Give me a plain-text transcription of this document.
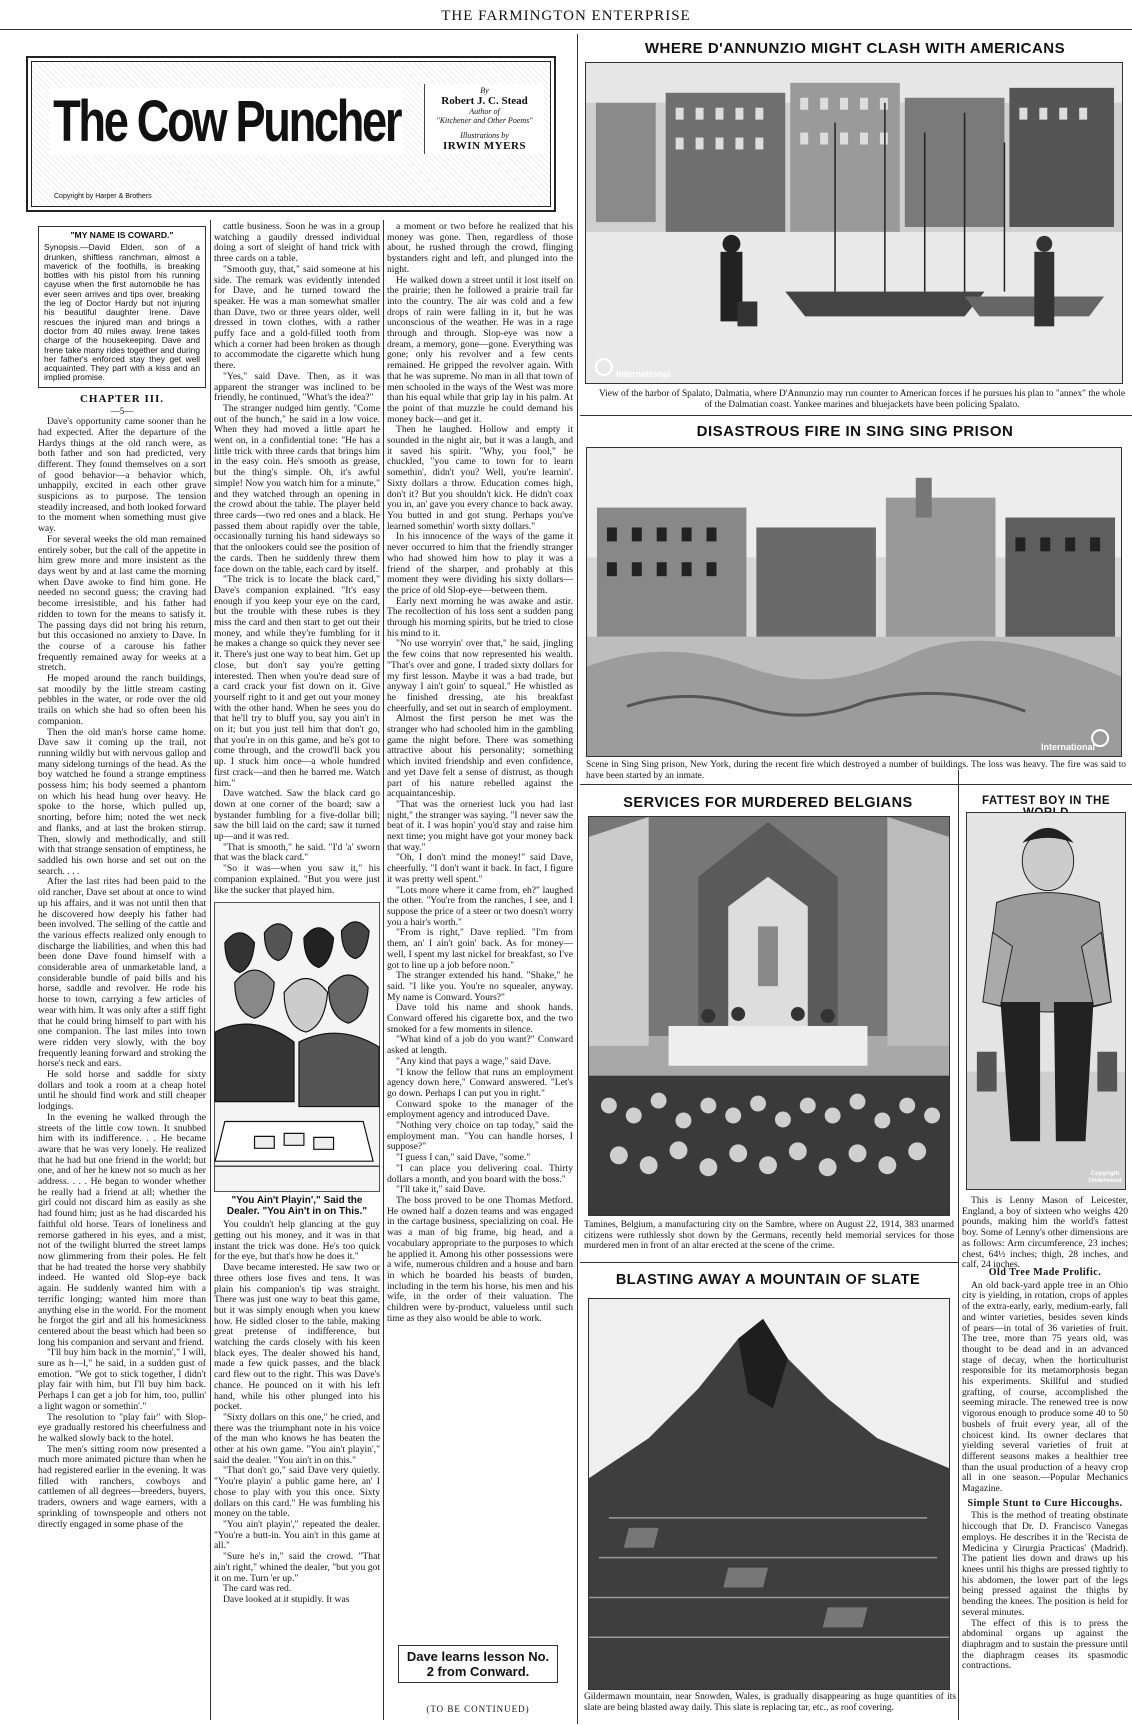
THE FARMINGTON ENTERPRISE
The Cow Puncher
Copyright by Harper & Brothers
By
Robert J. C. Stead
Author of
"Kitchener and Other Poems"
Illustrations by
IRWIN MYERS
"MY NAME IS COWARD."
Synopsis.—David Elden, son of a drunken, shiftless ranchman, almost a maverick of the foothills, is breaking bottles with his pistol from his running cayuse when the first automobile he has ever seen arrives and tips over, breaking the leg of Doctor Hardy but not injuring his beautiful daughter Irene. Dave rescues the injured man and brings a doctor from 40 miles away. Irene takes charge of the housekeeping. Dave and Irene take many rides together and during her father's enforced stay they get well acquainted. They part with a kiss and an implied promise.
CHAPTER III.
—5—

Dave's opportunity came sooner than he had expected. After the departure of the Hardys things at the old ranch were, as both father and son had predicted, very different. They found themselves on a sort of good behavior—a behavior which, unhappily, excited in each other grave suspicions as to purpose. The tension steadily increased, and both looked forward to the moment when something must give way.

For several weeks the old man remained entirely sober, but the call of the appetite in him grew more and more insistent as the days went by and at last came the morning when Dave awoke to find him gone. He needed no second guess; the craving had become irresistible, and his father had ridden to town for the means to satisfy it. The passing days did not bring his return, but this occasioned no anxiety to Dave. In the course of a carouse his father frequently remained away for weeks at a stretch.

He moped around the ranch buildings, sat moodily by the little stream casting pebbles in the water, or rode over the old trails on which she had so often been his companion.

Then the old man's horse came home. Dave saw it coming up the trail, not running wildly but with nervous gallop and many sidelong turnings of the head. As the boy watched he found a strange emptiness possess him; his body seemed a phantom on which his head hung over heavy. He spoke to the horse, which pulled up, snorting, before him; noted the wet neck and flanks, and at last the broken stirrup. Then, slowly and methodically, and still with that strange sensation of emptiness, he saddled his own horse and set out on the search. . . .

After the last rites had been paid to the old rancher, Dave set about at once to wind up his affairs, and it was not until then that he discovered how deeply his father had been involved. The selling of the cattle and the various effects realized only enough to discharge the liabilities, and when this had been done Dave found himself with a considerable area of unmarketable land, a considerable bundle of paid bills and his horse, saddle and revolver. He rode his horse to town, carrying a few articles of wear with him. It was only after a stiff fight that he could bring himself to part with his one companion. The last miles into town were ridden very slowly, with the boy frequently leaning forward and stroking the horse's neck and ears.

He sold horse and saddle for sixty dollars and took a room at a cheap hotel until he should find work and still cheaper lodgings.

In the evening he walked through the streets of the little cow town. It snubbed him with its indifference. . . He became aware that he was very lonely. He realized that he had but one friend in the world; but one, and of her he knew not so much as her address. . . . He began to wonder whether he really had a friend at all; whether the girl could not discard him as easily as she had found him; just as he had discarded his faithful old horse. Tears of loneliness and remorse gathered in his eyes, and a mist, not of the twilight blurred the street lamps now glimmering from their poles. He felt that he had treated the horse very shabbily indeed. He wanted old Slop-eye back again. He suddenly wanted him with a terrific longing; wanted him more than anything else in the world. For the moment he forgot the girl and all his homesickness centered about the beast which had been so long his companion and servant and friend.

"I'll buy him back in the mornin'," I will, sure as h—l," he said, in a sudden gust of emotion. "We got to stick together, I didn't play fair with him, but I'll buy him back. Perhaps I can get a job for him, too, pullin' a light wagon or somethin'."

The resolution to "play fair" with Slop-eye gradually restored his cheerfulness and he walked slowly back to the hotel.

The men's sitting room now presented a much more animated picture than when he had registered earlier in the evening. It was filled with ranchers, cowboys and cattlemen of all degrees—breeders, buyers, traders, owners and wage earners, with a sprinkling of townspeople and others not directly engaged in some phase of the

cattle business. Soon he was in a group watching a gaudily dressed individual doing a sort of sleight of hand trick with three cards on a table.

"Smooth guy, that," said someone at his side. The remark was evidently intended for Dave, and he turned toward the speaker. He was a man somewhat smaller than Dave, two or three years older, well dressed in town clothes, with a rather puffy face and a gold-filled tooth from which a corner had been broken as though to accommodate the cigarette which hung there.

"Yes," said Dave. Then, as it was apparent the stranger was inclined to be friendly, he continued, "What's the idea?"

The stranger nudged him gently. "Come out of the bunch," he said in a low voice. When they had moved a little apart he went on, in a confidential tone: "He has a little trick with three cards that brings him in the easy coin. He's smooth as grease, but the thing's simple. Oh, it's awful simple! Now you watch him for a minute," and they watched through an opening in the crowd about the table. The player held three cards—two red ones and a black. He passed them about rapidly over the table, occasionally turning his hand sideways so that the onlookers could see the position of the cards. Then he suddenly threw them face down on the table, each card by itself.

"The trick is to locate the black card," Dave's companion explained. "It's easy enough if you keep your eye on the card, but the trouble with these rubes is they miss the card and then start to get out their money, and while they're fumbling for it he makes a change so quick they never see it. There's just one way to beat him. Get up close, but don't say you're getting interested. Then when you're dead sure of a card crack your fist down on it. Give yourself right to it and get out your money with the other hand. When he sees you do that he'll try to bluff you, say you ain't in on it; but you just tell him that don't go, that you're in on this game, and he's got to come through, and the crowd'll back you up. I stuck him once—a whole hundred first crack—and then he barred me. Watch him."

Dave watched. Saw the black card go down at one corner of the board; saw a bystander fumbling for a five-dollar bill; saw the bill laid on the card; saw it turned up—and it was red.

"That is smooth," he said. "I'd 'a' sworn that was the black card."

"So it was—when you saw it," his companion explained. "But you were just like the sucker that played him.

"You Ain't Playin'," Said the Dealer. "You Ain't in on This."

You couldn't help glancing at the guy getting out his money, and it was in that instant the trick was done. He's too quick for the eye, but that's how he does it."

Dave became interested. He saw two or three others lose fives and tens. It was plain his companion's tip was straight. There was just one way to beat this game, but it was simply enough when you knew how. He sidled closer to the table, making great pretense of indifference, but watching the cards closely with his keen black eyes. The dealer showed his hand, made a few quick passes, and the black card flew out to the right. This was Dave's chance. He pounced on it with his left hand, while his other plunged into his pocket.

"Sixty dollars on this one," he cried, and there was the triumphant note in his voice of the man who knows he has beaten the other at his own game. "You ain't playin'," said the dealer. "You ain't in on this."

"That don't go," said Dave very quietly. "You're playin' a public game here, an' I chose to play with you this once. Sixty dollars on this card." He was fumbling his money on the table.

"You ain't playin'," repeated the dealer. "You're a butt-in. You ain't in this game at all."

"Sure he's in," said the crowd. "That ain't right," whined the dealer, "but you got it on me. Turn 'er up."

The card was red.

Dave looked at it stupidly. It was

a moment or two before he realized that his money was gone. Then, regardless of those about, he rushed through the crowd, flinging bystanders right and left, and plunged into the night.

He walked down a street until it lost itself on the prairie; then he followed a prairie trail far into the country. The air was cold and a few drops of rain were falling in it, but he was unconscious of the weather. He was in a rage through and through. Slop-eye was now a dream, a memory, gone—gone. Everything was gone; only his revolver and a few cents remained. He gripped the revolver again. With that he was supreme. No man in all that town of men schooled in the ways of the West was more than his equal while that grip lay in his palm. At the point of that muzzle he could demand his money back—and get it.

Then he laughed. Hollow and empty it sounded in the night air, but it was a laugh, and it saved his spirit. "Why, you fool," he chuckled, "you came to town for to learn somethin', didn't you? Well, you're learnin'. Sixty dollars a throw. Education comes high, don't it? But you shouldn't kick. He didn't coax you in, an' gave you every chance to back away. You butted in and got stung. Perhaps you've learned somethin' worth sixty dollars."

In his innocence of the ways of the game it never occurred to him that the friendly stranger who had showed him how to play it was a friend of the sharper, and probably at this moment they were dividing his sixty dollars—the price of old Slop-eye—between them.

Early next morning he was awake and astir. The recollection of his loss sent a sudden pang through his morning spirits, but he tried to close his mind to it.

"No use worryin' over that," he said, jingling the few coins that now represented his wealth. "That's over and gone. I traded sixty dollars for my first lesson. Maybe it was a bad trade, but anyway I ain't goin' to squeal." He whistled as he finished dressing, ate his breakfast cheerfully, and set out in search of employment.

Almost the first person he met was the stranger who had schooled him in the gambling game the night before. There was something attractive about his personality; something which invited friendship and even confidence, and yet Dave felt a sense of distrust, as though part of his nature rebelled against the acquaintanceship.

"That was the orneriest luck you had last night," the stranger was saying. "I never saw the beat of it. I was hopin' you'd stay and raise him next time; you might have got your money back that way."

"Oh, I don't mind the money!" said Dave, cheerfully. "I don't want it back. In fact, I figure it was pretty well spent."

"Lots more where it came from, eh?" laughed the other. "You're from the ranches, I see, and I suppose the price of a steer or two doesn't worry you a hair's worth."

"From is right," Dave replied. "I'm from them, an' I ain't goin' back. As for money—well, I spent my last nickel for breakfast, so I've got to line up a job before noon."

The stranger extended his hand. "Shake," he said. "I like you. You're no squealer, anyway. My name is Conward. Yours?"

Dave told his name and shook hands. Conward offered his cigarette box, and the two smoked for a few moments in silence.

"What kind of a job do you want?" Conward asked at length.

"Any kind that pays a wage," said Dave.

"I know the fellow that runs an employment agency down here," Conward answered. "Let's go down. Perhaps I can put you in right."

Conward spoke to the manager of the employment agency and introduced Dave.

"Nothing very choice on tap today," said the employment man. "You can handle horses, I suppose?"

"I guess I can," said Dave, "some."

"I can place you delivering coal. Thirty dollars a month, and you board with the boss."

"I'll take it," said Dave.

The boss proved to be one Thomas Metford. He owned half a dozen teams and was engaged in the cartage business, specializing on coal. He was a man of big frame, big head, and a vocabulary appropriate to the purposes to which he applied it. Among his other possessions were a wife, numerous children and a house and barn in which he boarded his beasts of burden, including in the term his horse, his men and his wife, in the order of their valuation. The children were by-product, valueless until such time as they also would be able to work.

Dave learns lesson No. 2 from Conward.
(TO BE CONTINUED)
WHERE D'ANNUNZIO MIGHT CLASH WITH AMERICANS
International
View of the harbor of Spalato, Dalmatia, where D'Annunzio may run counter to American forces if he pursues his plan to "annex" the whole of the Dalmatian coast. Yankee marines and bluejackets have been policing Spalato.
DISASTROUS FIRE IN SING SING PRISON
International
Scene in Sing Sing prison, New York, during the recent fire which destroyed a number of buildings. The loss was heavy. The fire was said to have been started by an inmate.
SERVICES FOR MURDERED BELGIANS
Tamines, Belgium, a manufacturing city on the Sambre, where on August 22, 1914, 383 unarmed citizens were ruthlessly shot down by the Germans, recently held memorial services for those murdered men in front of an altar erected at the scene of the crime.
BLASTING AWAY A MOUNTAIN OF SLATE
Gildermawn mountain, near Snowden, Wales, is gradually disappearing as huge quantities of its slate are being blasted away daily. This slate is replacing tar, etc., as roof covering.
FATTEST BOY IN THE
Copyright Underwood

This is Lenny Mason of Leicester, England, a boy of sixteen who weighs 420 pounds, making him the world's fattest boy. Some of Lenny's other dimensions are as follows: Arm circumference, 23 inches; chest, 64½ inches; thigh, 28 inches, and calf, 24 inches.

Old Tree Made Prolific.

An old back-yard apple tree in an Ohio city is yielding, in rotation, crops of apples of the extra-early, early, medium-early, fall and winter varieties, besides seven kinds of pears—in total of 36 varieties of fruit. The tree, more than 75 years old, was thought to be dead and in an advanced stage of decay, when the horticulturist responsible for its metamorphosis began his experiments. Skillful and studied grafting, of course, accomplished the seeming miracle. The renewed tree is now vigorous enough to produce some 40 to 50 bushels of fruit every year, all of the choicest kind. Its owner declares that yielding several varieties of fruit at different seasons makes a healthier tree than the usual production of a heavy crop all in one season.—Popular Mechanics Magazine.

Simple Stunt to Cure Hiccoughs.

This is the method of treating obstinate hiccough that Dr. D. Francisco Vanegas employs. He describes it in the 'Recista de Medicina y Cirurgia Practicas' (Madrid). The patient lies down and draws up his knees until his thighs are pressed tightly to his abdomen, the lower part of the legs being pressed against the thighs by bending the knees. The position is held for several minutes.

The effect of this is to press the abdominal organs up against the diaphragm and to sustain the pressure until the diaphragm ceases its spasmodic contractions.
